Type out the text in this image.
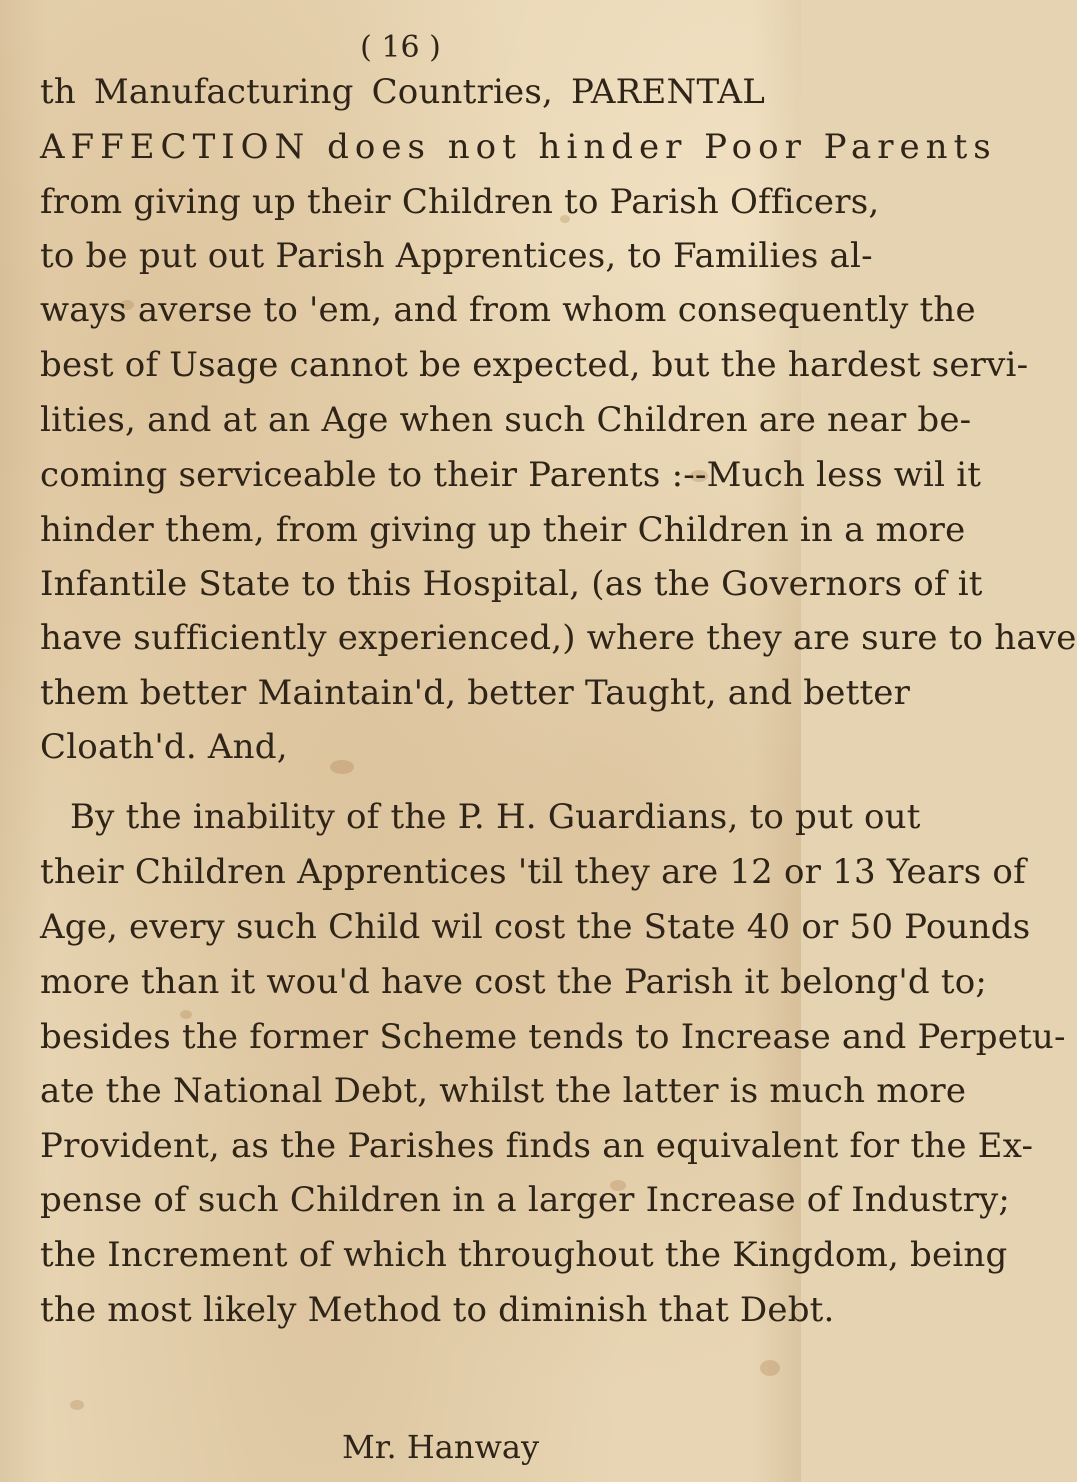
( 16 )
th Manufacturing Countries, PARENTAL
AFFECTION does not hinder Poor Parents
from giving up their Children to Parish Officers,
to be put out Parish Apprentices, to Families al-
ways averse to 'em, and from whom consequently the
best of Usage cannot be expected, but the hardest servi-
lities, and at an Age when such Children are near be-
coming serviceable to their Parents :--Much less wil it
hinder them, from giving up their Children in a more
Infantile State to this Hospital, (as the Governors of it
have sufficiently experienced,) where they are sure to have
them better Maintain'd, better Taught, and better
Cloath'd. And,
By the inability of the P. H. Guardians, to put out
their Children Apprentices 'til they are 12 or 13 Years of
Age, every such Child wil cost the State 40 or 50 Pounds
more than it wou'd have cost the Parish it belong'd to;
besides the former Scheme tends to Increase and Perpetu-
ate the National Debt, whilst the latter is much more
Provident, as the Parishes finds an equivalent for the Ex-
pense of such Children in a larger Increase of Industry;
the Increment of which throughout the Kingdom, being
the most likely Method to diminish that Debt.
Mr. Hanway
